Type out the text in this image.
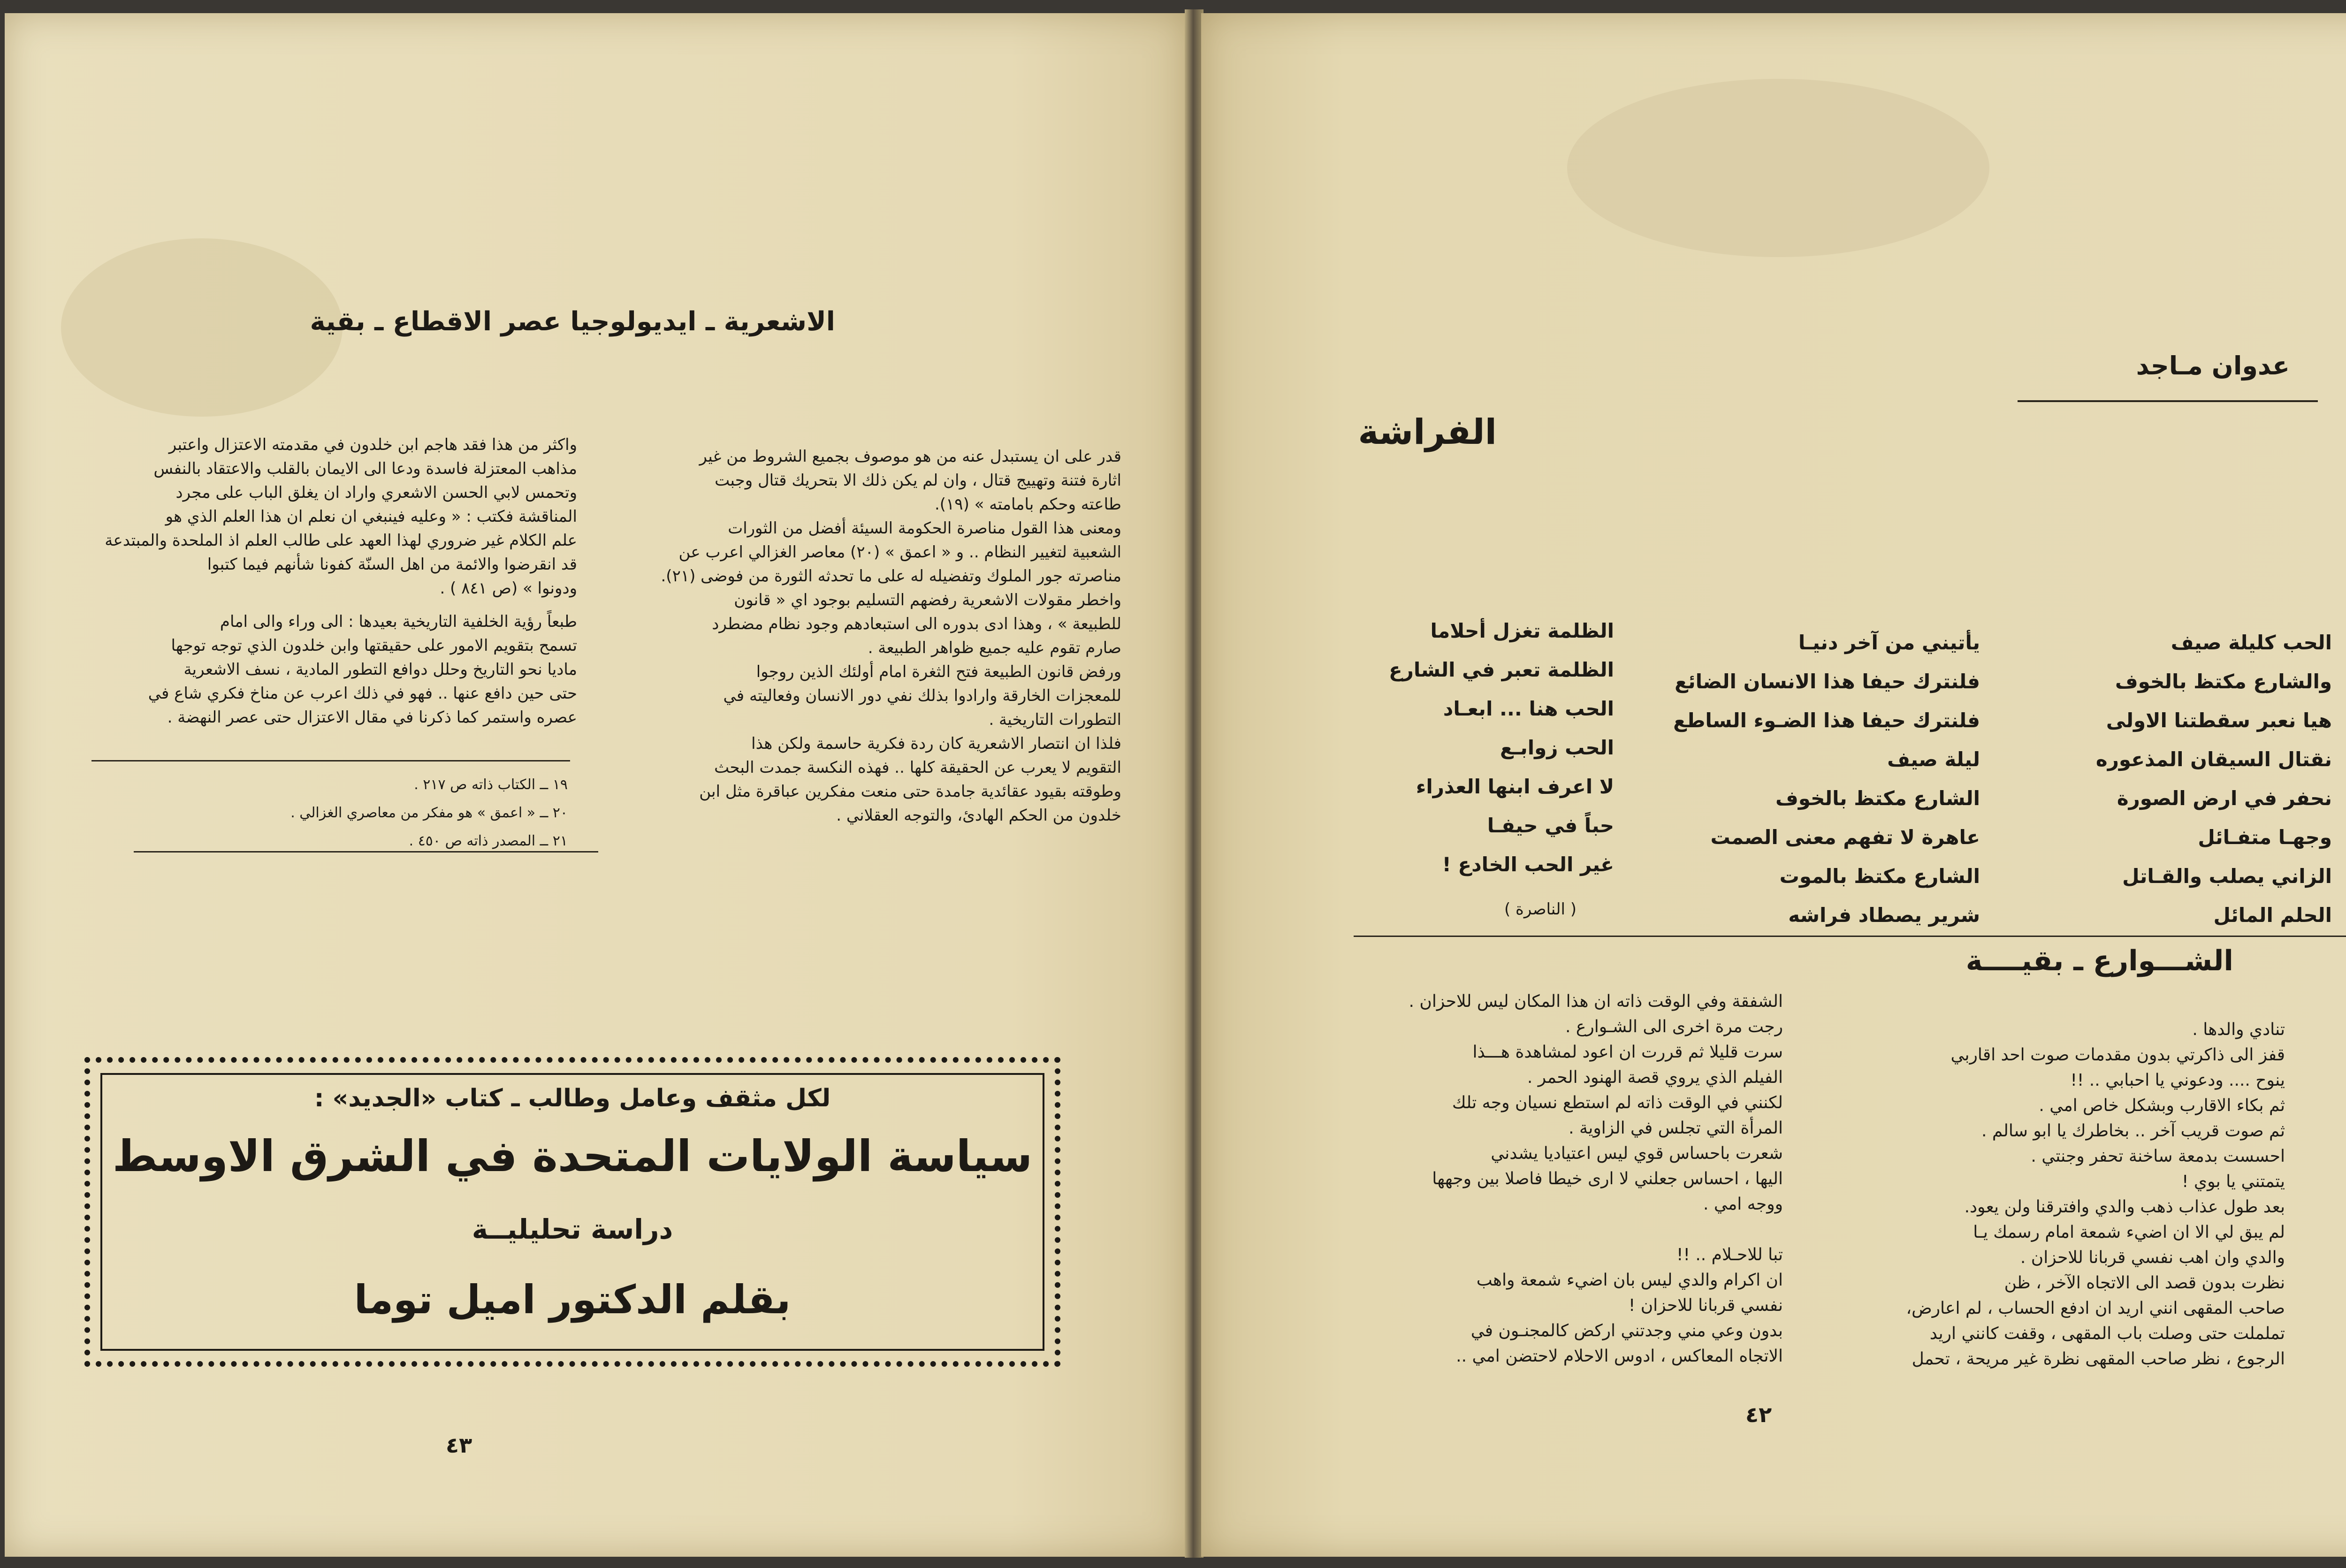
الاشعرية ـ ايديولوجيا عصر الاقطاع ـ بقية
قدر على ان يستبدل عنه من هو موصوف بجميع الشروط من غير
اثارة فتنة وتهييج قتال ، وان لم يكن ذلك الا بتحريك قتال وجبت
طاعته وحكم بامامته » (١٩).
ومعنى هذا القول مناصرة الحكومة السيئة أفضل من الثورات
الشعبية لتغيير النظام .. و « اعمق » (٢٠) معاصر الغزالي اعرب عن
مناصرته جور الملوك وتفضيله له على ما تحدثه الثورة من فوضى (٢١).
واخطر مقولات الاشعرية رفضهم التسليم بوجود اي « قانون
للطبيعة » ، وهذا ادى بدوره الى استبعادهم وجود نظام مضطرد
صارم تقوم عليه جميع ظواهر الطبيعة .
ورفض قانون الطبيعة فتح الثغرة امام أولئك الذين روجوا
للمعجزات الخارقة وارادوا بذلك نفي دور الانسان وفعاليته في
التطورات التاريخية .
فلذا ان انتصار الاشعرية كان ردة فكرية حاسمة ولكن هذا
التقويم لا يعرب عن الحقيقة كلها .. فهذه النكسة جمدت البحث
وطوقته بقيود عقائدية جامدة حتى منعت مفكرين عباقرة مثل ابن
خلدون من الحكم الهادئ، والتوجه العقلاني .
واكثر من هذا فقد هاجم ابن خلدون في مقدمته الاعتزال واعتبر
مذاهب المعتزلة فاسدة ودعا الى الايمان بالقلب والاعتقاد بالنفس
وتحمس لابي الحسن الاشعري واراد ان يغلق الباب على مجرد
المناقشة فكتب : « وعليه فينبغي ان نعلم ان هذا العلم الذي هو
علم الكلام غير ضروري لهذا العهد على طالب العلم اذ الملحدة والمبتدعة
قد انقرضوا والائمة من اهل السنّة كفونا شأنهم فيما كتبوا
ودونوا » (ص ٨٤١ ) .
طبعاً رؤية الخلفية التاريخية بعيدها : الى وراء والى امام
تسمح بتقويم الامور على حقيقتها وابن خلدون الذي توجه توجها
ماديا نحو التاريخ وحلل دوافع التطور المادية ، نسف الاشعرية
حتى حين دافع عنها .. فهو في ذلك اعرب عن مناخ فكري شاع في
عصره واستمر كما ذكرنا في مقال الاعتزال حتى عصر النهضة .
١٩ ــ الكتاب ذاته ص ٢١٧ .
٢٠ ــ « اعمق » هو مفكر من معاصري الغزالي .
٢١ ــ المصدر ذاته ص ٤٥٠ .
لكل مثقف وعامل وطالب ـ كتاب «الجديد» :
سياسة الولايات المتحدة في الشرق الاوسط
دراسة تحليليــة
بقلم الدكتور اميل توما
٤٣
عدوان مـاجد
الفراشة
الحب كليلة صيف
والشارع مكتظ بالخوف
هيا نعبر سقطتنا الاولى
نقتال السيقان المذعوره
نحفر في ارض الصورة
وجهـا متفـائل
الزاني يصلب والقـاتل
الحلم المائل
يأتيني من آخر دنيـا
فلنترك حيفا هذا الانسان الضائع
فلنترك حيفا هذا الضـوء الساطع
ليلة صيف
الشارع مكتظ بالخوف
عاهرة لا تفهم معنى الصمت
الشارع مكتظ بالموت
شرير يصطاد فراشه
الظلمة تغزل أحلاما
الظلمة تعبر في الشارع
الحب هنا ... ابعـاد
الحب زوابـع
لا اعرف ابنها العذراء
حباً في حيفـا
غير الحب الخادع !
( الناصرة )
الشـــوارع ـ بقيــــة
تنادي والدها .
قفز الى ذاكرتي بدون مقدمات صوت احد اقاربي
ينوح .... ودعوني يا احبابي .. !!
ثم بكاء الاقارب وبشكل خاص امي .
ثم صوت قريب آخر .. بخاطرك يا ابو سالم .
احسست بدمعة ساخنة تحفر وجنتي .
يتمتني يا بوي !
بعد طول عذاب ذهب والدي وافترقنا ولن يعود.
لم يبق لي الا ان اضيء شمعة امام رسمك يـا
والدي وان اهب نفسي قربانا للاحزان .
نظرت بدون قصد الى الاتجاه الآخر ، ظن
صاحب المقهى انني اريد ان ادفع الحساب ، لم اعارض،
تململت حتى وصلت باب المقهى ، وقفت كانني اريد
الرجوع ، نظر صاحب المقهى نظرة غير مريحة ، تحمل
الشفقة وفي الوقت ذاته ان هذا المكان ليس للاحزان .
رجت مرة اخرى الى الشـوارع .
سرت قليلا ثم قررت ان اعود لمشاهدة هـــذا
الفيلم الذي يروي قصة الهنود الحمر .
لكنني في الوقت ذاته لم استطع نسيان وجه تلك
المرأة التي تجلس في الزاوية .
شعرت باحساس قوي ليس اعتياديا يشدني
اليها ، احساس جعلني لا ارى خيطا فاصلا بين وجهها
ووجه امي .
تبا للاحـلام .. !!
ان اكرام والدي ليس بان اضيء شمعة واهب
نفسي قربانا للاحزان !
بدون وعي مني وجدتني اركض كالمجنـون في
الاتجاه المعاكس ، ادوس الاحلام لاحتضن امي ..
٤٢
